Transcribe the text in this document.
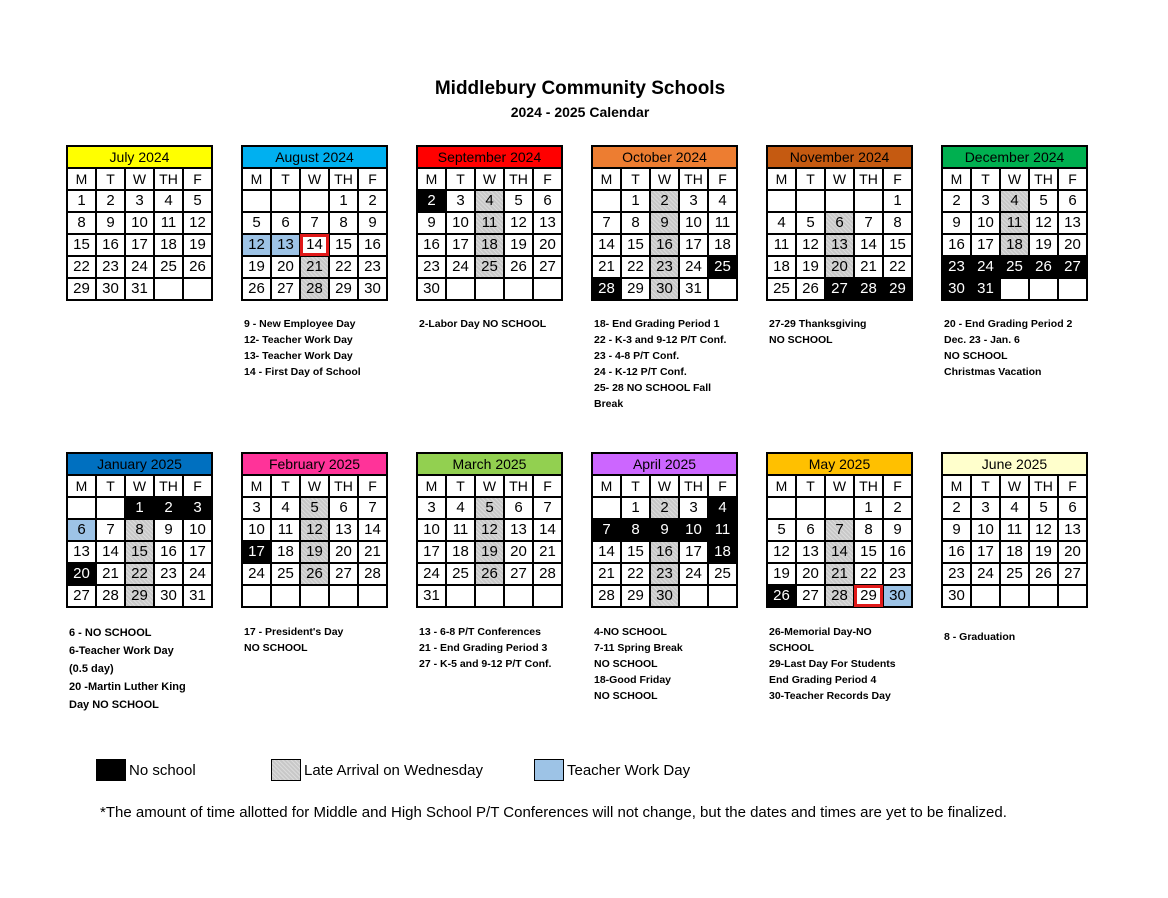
Middlebury Community Schools
2024 - 2025 Calendar
July 2024				
M	T	W	TH	F
1	2	3	4	5
8	9	10	11	12
15	16	17	18	19
22	23	24	25	26
29	30	31		
August 2024				
M	T	W	TH	F
			1	2
5	6	7	8	9
12	13	14	15	16
19	20	21	22	23
26	27	28	29	30
September 2024				
M	T	W	TH	F
2	3	4	5	6
9	10	11	12	13
16	17	18	19	20
23	24	25	26	27
30				
October 2024				
M	T	W	TH	F
	1	2	3	4
7	8	9	10	11
14	15	16	17	18
21	22	23	24	25
28	29	30	31	
November 2024				
M	T	W	TH	F
				1
4	5	6	7	8
11	12	13	14	15
18	19	20	21	22
25	26	27	28	29
December 2024				
M	T	W	TH	F
2	3	4	5	6
9	10	11	12	13
16	17	18	19	20
23	24	25	26	27
30	31			
January 2025				
M	T	W	TH	F
		1	2	3
6	7	8	9	10
13	14	15	16	17
20	21	22	23	24
27	28	29	30	31
February 2025				
M	T	W	TH	F
3	4	5	6	7
10	11	12	13	14
17	18	19	20	21
24	25	26	27	28

March 2025				
M	T	W	TH	F
3	4	5	6	7
10	11	12	13	14
17	18	19	20	21
24	25	26	27	28
31				
April 2025				
M	T	W	TH	F
	1	2	3	4
7	8	9	10	11
14	15	16	17	18
21	22	23	24	25
28	29	30		
May 2025				
M	T	W	TH	F
			1	2
5	6	7	8	9
12	13	14	15	16
19	20	21	22	23
26	27	28	29	30
June 2025				
M	T	W	TH	F
2	3	4	5	6
9	10	11	12	13
16	17	18	19	20
23	24	25	26	27
30				
9 - New Employee Day
12- Teacher Work Day
13- Teacher Work Day
14 - First Day of School
2-Labor Day NO SCHOOL	18- End Grading Period 1
22 - K-3 and 9-12 P/T Conf.
23 - 4-8 P/T Conf.
24 - K-12 P/T Conf.
25- 28 NO SCHOOL Fall
Break
27-29 Thanksgiving
NO SCHOOL
20 - End Grading Period 2
Dec. 23 - Jan. 6
NO SCHOOL
Christmas Vacation
6 - NO SCHOOL
6-Teacher Work Day
(0.5 day)
20 -Martin Luther King
Day NO SCHOOL
17 - President's Day
NO SCHOOL
13 - 6-8 P/T Conferences
21 - End Grading Period 3
27 - K-5 and 9-12 P/T Conf.
4-NO SCHOOL
7-11 Spring Break
NO SCHOOL
18-Good Friday
NO SCHOOL
26-Memorial Day-NO
SCHOOL
29-Last Day For Students
End Grading Period 4
30-Teacher Records Day
8 - Graduation
No school	Late Arrival on Wednesday	Teacher Work Day
*The amount of time allotted for Middle and High School P/T Conferences will not change, but the dates and times are yet to be finalized.
